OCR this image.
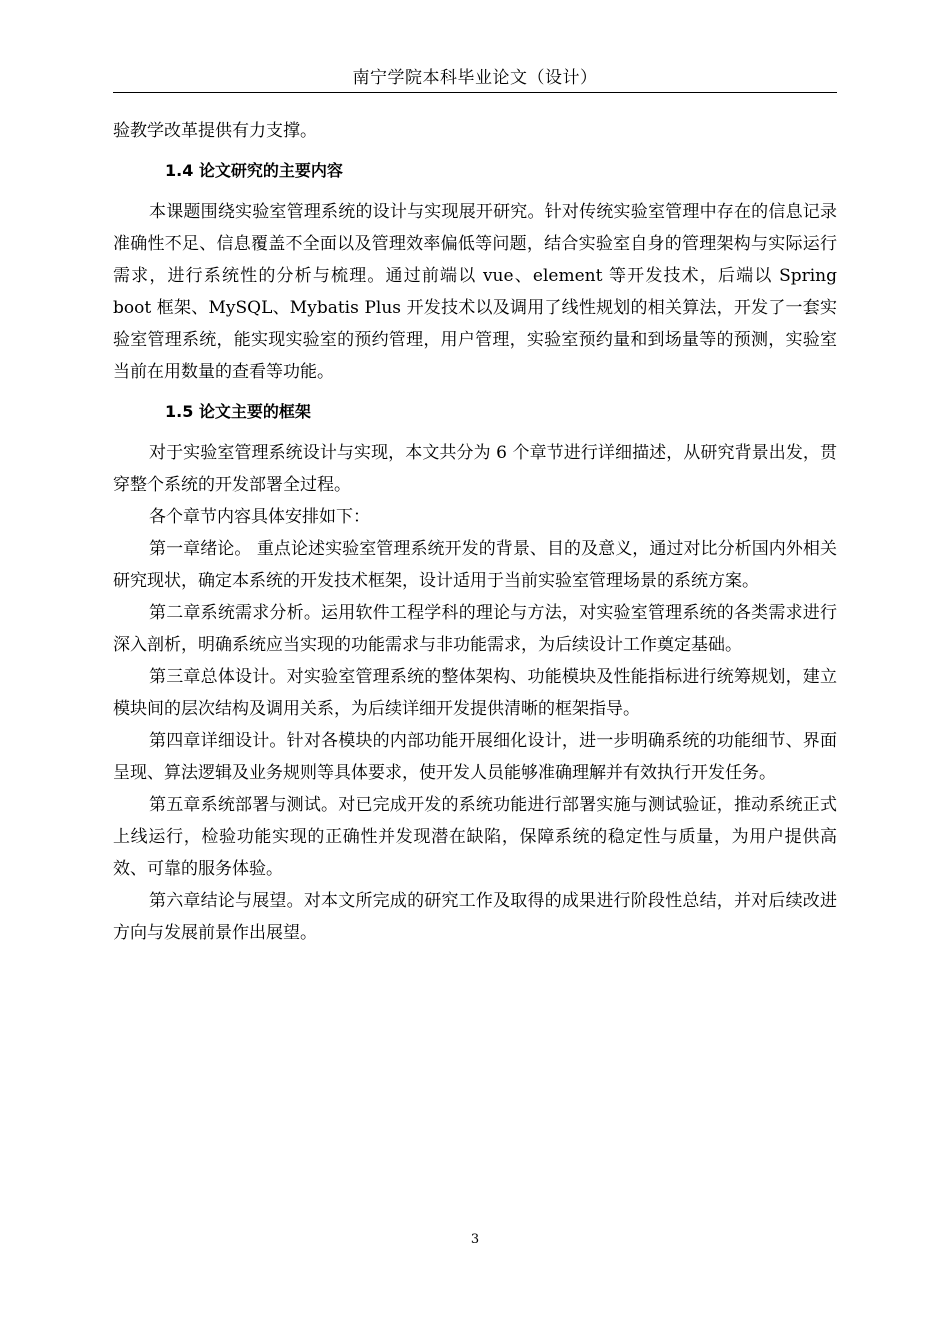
南宁学院本科毕业论文（设计）

验教学改革提供有力支撑。

1.4 论文研究的主要内容

本课题围绕实验室管理系统的设计与实现展开研究。针对传统实验室管理中存在的信息记录准确性不足、信息覆盖不全面以及管理效率偏低等问题，结合实验室自身的管理架构与实际运行需求，进行系统性的分析与梳理。通过前端以 vue、element 等开发技术，后端以 Spring boot 框架、MySQL、Mybatis Plus 开发技术以及调用了线性规划的相关算法，开发了一套实验室管理系统，能实现实验室的预约管理，用户管理，实验室预约量和到场量等的预测，实验室当前在用数量的查看等功能。

1.5 论文主要的框架

对于实验室管理系统设计与实现，本文共分为 6 个章节进行详细描述，从研究背景出发，贯穿整个系统的开发部署全过程。

各个章节内容具体安排如下：

第一章绪论。 重点论述实验室管理系统开发的背景、目的及意义，通过对比分析国内外相关研究现状，确定本系统的开发技术框架，设计适用于当前实验室管理场景的系统方案。

第二章系统需求分析。运用软件工程学科的理论与方法，对实验室管理系统的各类需求进行深入剖析，明确系统应当实现的功能需求与非功能需求，为后续设计工作奠定基础。

第三章总体设计。对实验室管理系统的整体架构、功能模块及性能指标进行统筹规划，建立模块间的层次结构及调用关系，为后续详细开发提供清晰的框架指导。

第四章详细设计。针对各模块的内部功能开展细化设计，进一步明确系统的功能细节、界面呈现、算法逻辑及业务规则等具体要求，使开发人员能够准确理解并有效执行开发任务。

第五章系统部署与测试。对已完成开发的系统功能进行部署实施与测试验证，推动系统正式上线运行，检验功能实现的正确性并发现潜在缺陷，保障系统的稳定性与质量，为用户提供高效、可靠的服务体验。

第六章结论与展望。对本文所完成的研究工作及取得的成果进行阶段性总结，并对后续改进方向与发展前景作出展望。

3
